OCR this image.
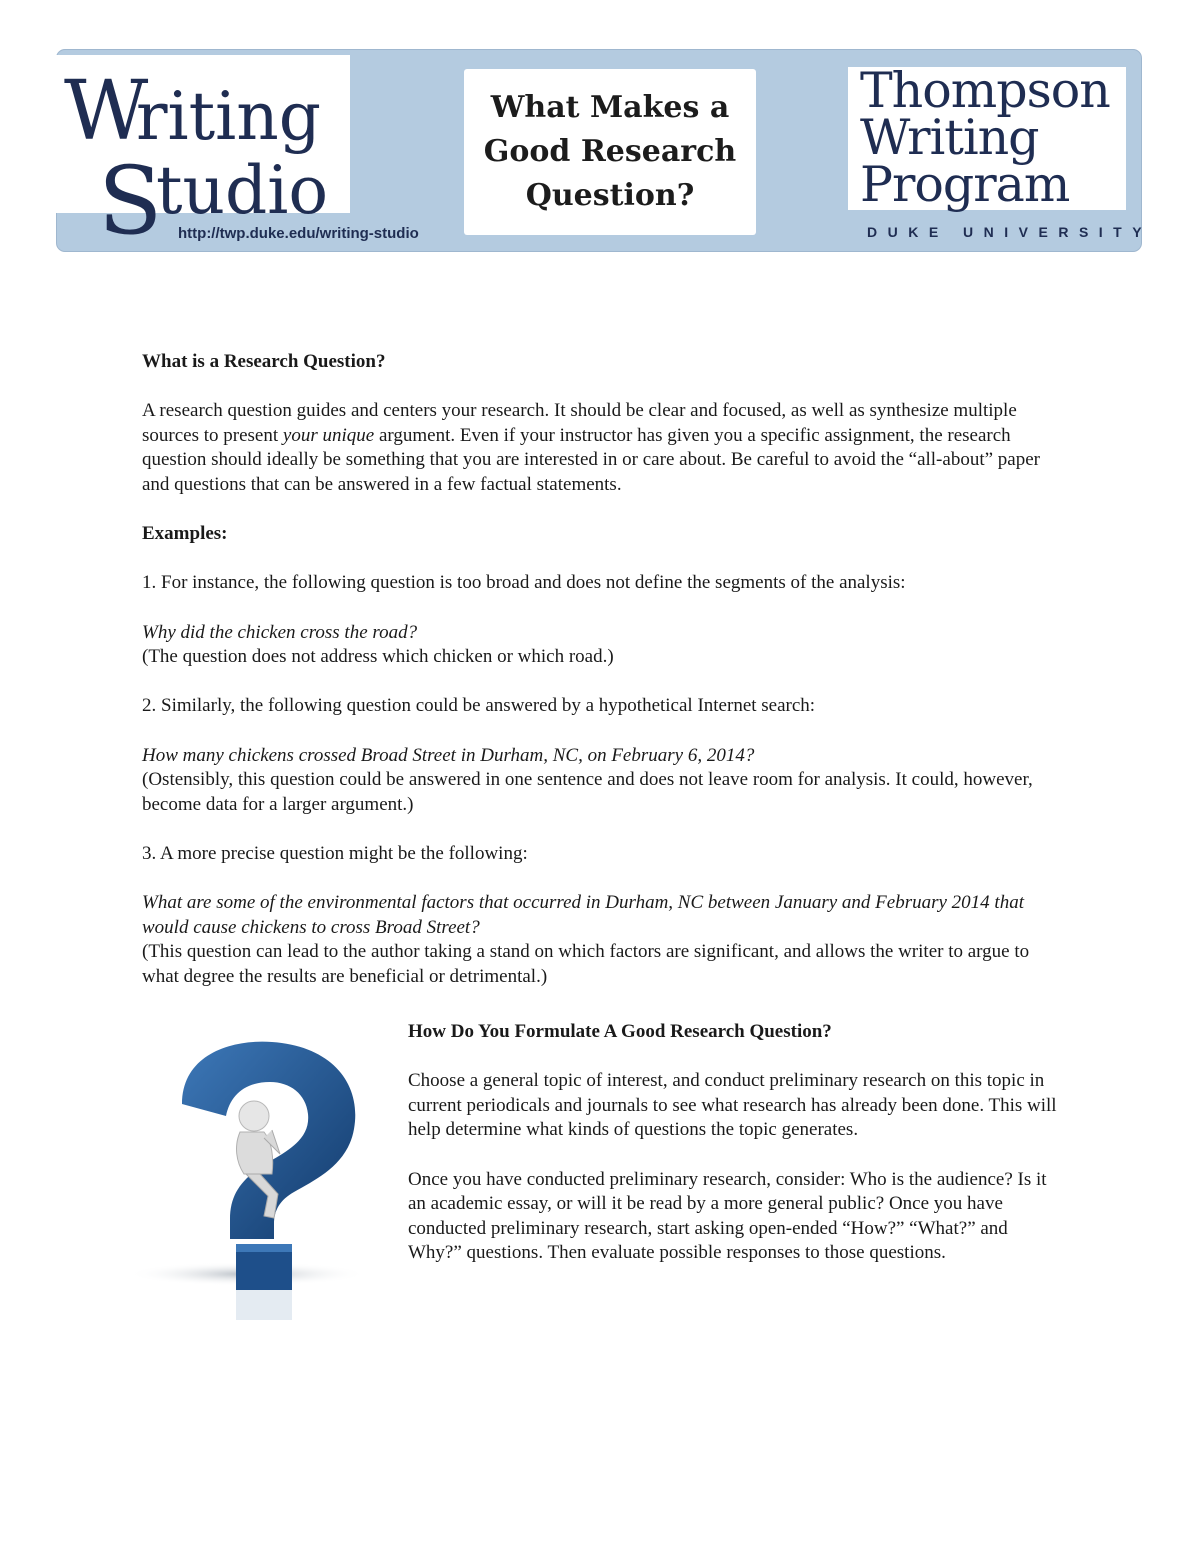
W
riting
S
tudio
http://twp.duke.edu/writing-studio
What Makes a
Good Research
Question?
Thompson
Writing
Program
DUKE UNIVERSITY

What is a Research Question?

A research question guides and centers your research. It should be clear and focused, as well as synthesize multiple sources to present your unique argument. Even if your instructor has given you a specific assignment, the research question should ideally be something that you are interested in or care about. Be careful to avoid the “all-about” paper and questions that can be answered in a few factual statements.

Examples:

1. For instance, the following question is too broad and does not define the segments of the analysis:

Why did the chicken cross the road?
(The question does not address which chicken or which road.)

2. Similarly, the following question could be answered by a hypothetical Internet search:

How many chickens crossed Broad Street in Durham, NC, on February 6, 2014?
(Ostensibly, this question could be answered in one sentence and does not leave room for analysis. It could, however, become data for a larger argument.)

3. A more precise question might be the following:

What are some of the environmental factors that occurred in Durham, NC between January and February 2014 that would cause chickens to cross Broad Street?
(This question can lead to the author taking a stand on which factors are significant, and allows the writer to argue to what degree the results are beneficial or detrimental.)

How Do You Formulate A Good Research Question?

Choose a general topic of interest, and conduct preliminary research on this topic in current periodicals and journals to see what research has already been done. This will help determine what kinds of questions the topic generates.

Once you have conducted preliminary research, consider: Who is the audience? Is it an academic essay, or will it be read by a more general public? Once you have conducted preliminary research, start asking open-ended “How?” “What?” and Why?” questions. Then evaluate possible responses to those questions.
